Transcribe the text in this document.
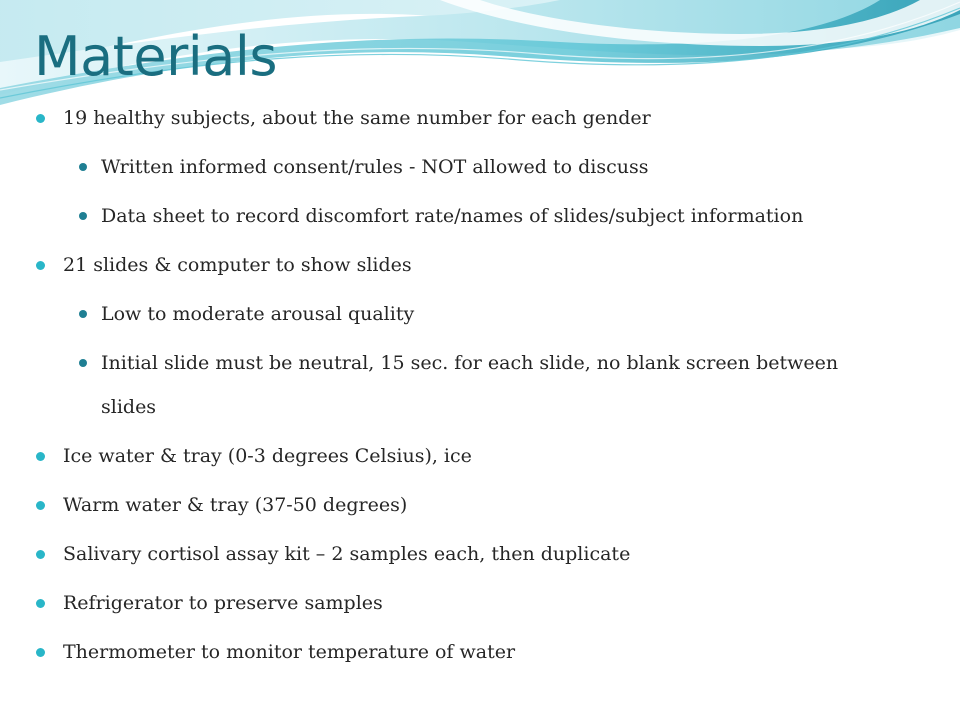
Materials
19 healthy subjects, about the same number for each gender
Written informed consent/rules - NOT allowed to discuss
Data sheet to record discomfort rate/names of slides/subject information
21 slides & computer to show slides
Low to moderate arousal quality
Initial slide must be neutral, 15 sec. for each slide, no blank screen between slides
Ice water & tray (0-3 degrees Celsius), ice
Warm water & tray (37-50 degrees)
Salivary cortisol assay kit – 2 samples each, then duplicate
Refrigerator to preserve samples
Thermometer to monitor temperature of water
